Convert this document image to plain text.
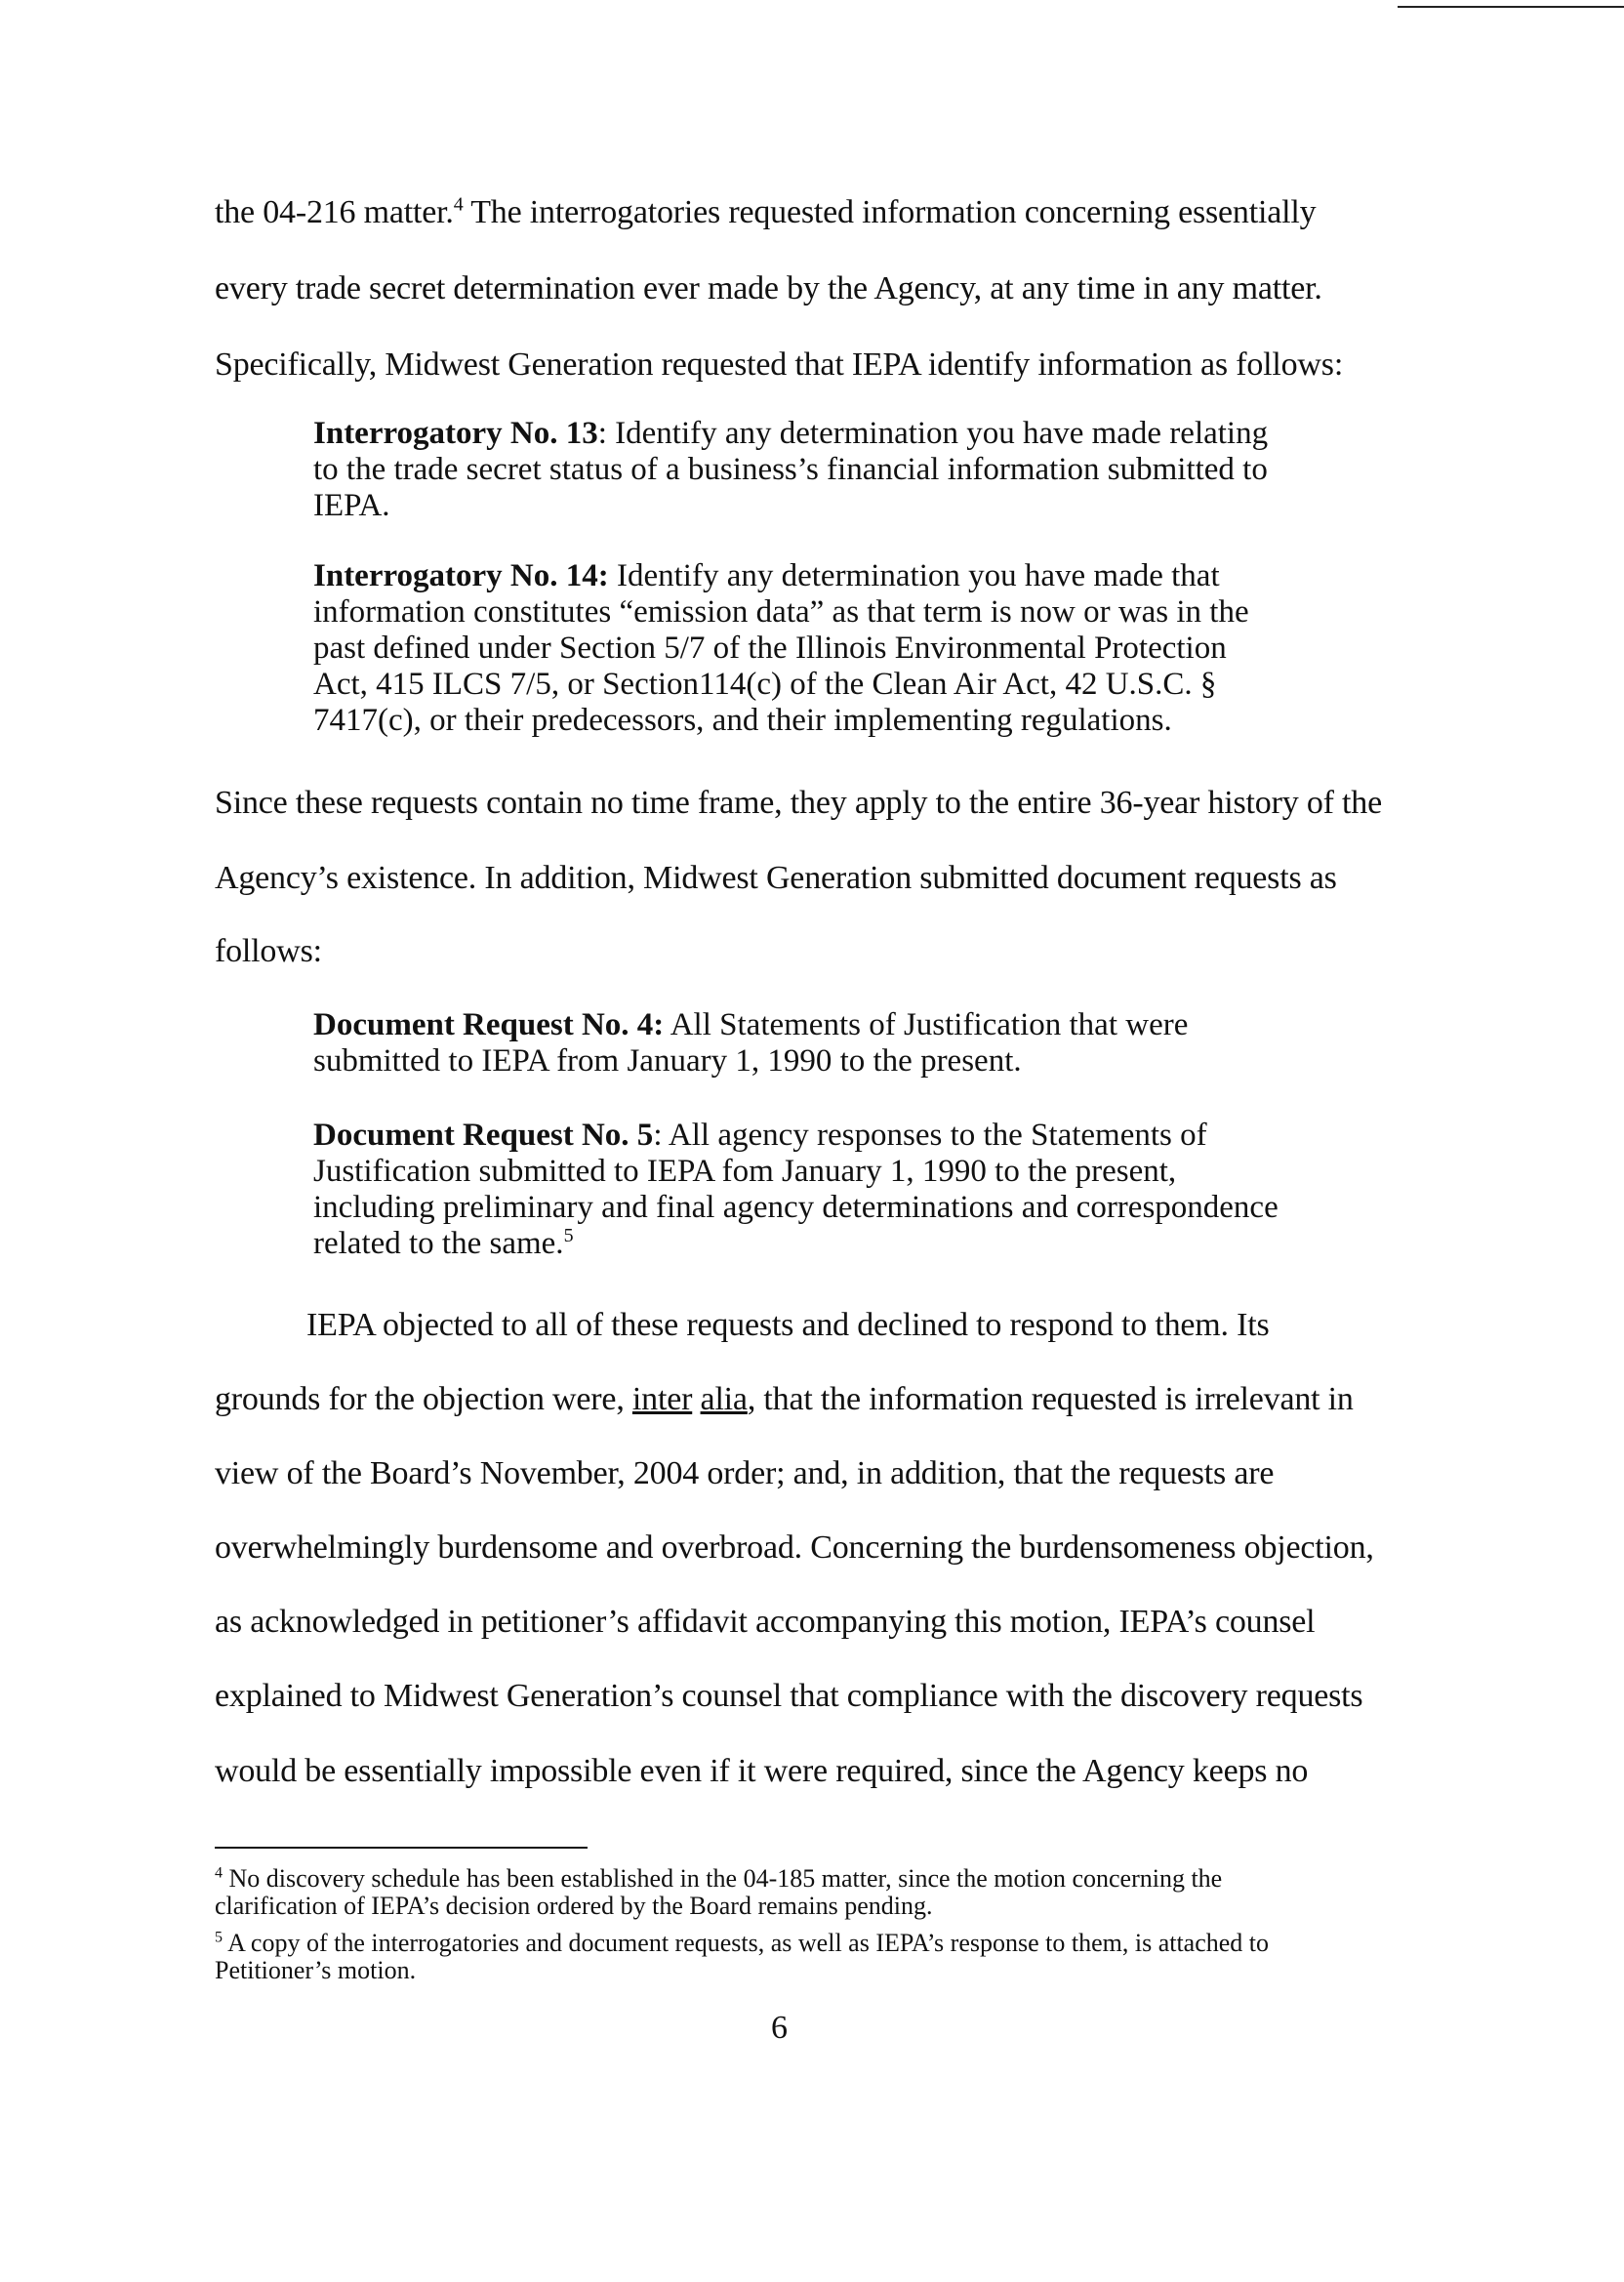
the 04-216 matter.$^4$ The interrogatories requested information concerning essentially
every trade secret determination ever made by the Agency, at any time in any matter.
Specifically, Midwest Generation requested that IEPA identify information as follows:
Interrogatory No. 13: Identify any determination you have made relating
to the trade secret status of a business’s financial information submitted to
IEPA.
Interrogatory No. 14: Identify any determination you have made that
information constitutes “emission data” as that term is now or was in the
past defined under Section 5/7 of the Illinois Environmental Protection
Act, 415 ILCS 7/5, or Section114(c) of the Clean Air Act, 42 U.S.C. §
7417(c), or their predecessors, and their implementing regulations.
Since these requests contain no time frame, they apply to the entire 36-year history of the
Agency’s existence. In addition, Midwest Generation submitted document requests as
follows:
Document Request No. 4: All Statements of Justification that were
submitted to IEPA from January 1, 1990 to the present.
Document Request No. 5: All agency responses to the Statements of
Justification submitted to IEPA fom January 1, 1990 to the present,
including preliminary and final agency determinations and correspondence
related to the same.$^5$
IEPA objected to all of these requests and declined to respond to them. Its
grounds for the objection were, inter alia, that the information requested is irrelevant in
view of the Board’s November, 2004 order; and, in addition, that the requests are
overwhelmingly burdensome and overbroad. Concerning the burdensomeness objection,
as acknowledged in petitioner’s affidavit accompanying this motion, IEPA’s counsel
explained to Midwest Generation’s counsel that compliance with the discovery requests
would be essentially impossible even if it were required, since the Agency keeps no
$^4$ No discovery schedule has been established in the 04-185 matter, since the motion concerning the
clarification of IEPA’s decision ordered by the Board remains pending.
$^5$ A copy of the interrogatories and document requests, as well as IEPA’s response to them, is attached to
Petitioner’s motion.
6
